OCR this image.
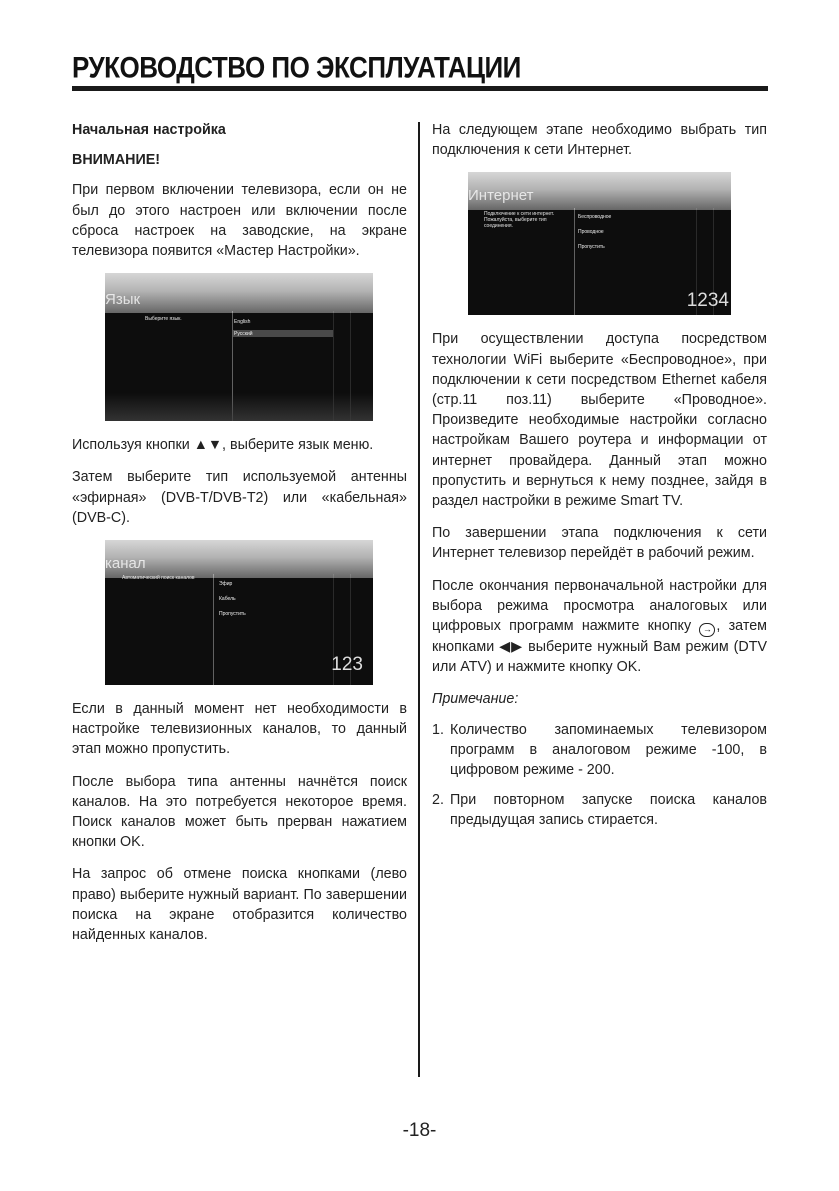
РУКОВОДСТВО ПО ЭКСПЛУАТАЦИИ

Начальная настройка

ВНИМАНИЕ!

При первом включении телевизора, если он не был до этого настроен или включении после сброса настроек на заводские, на экране телевизора появится «Мастер Настройки».

Язык
Выберите язык.	English
Русский

Используя кнопки ▲▼, выберите язык меню.

Затем выберите тип используемой антенны «эфирная» (DVB-T/DVB-T2) или «кабельная» (DVB-C).

канал
Автоматический поиск каналов
Эфир
Кабель
Пропустить
123

Если в данный момент нет необходимости в настройке телевизионных каналов, то данный этап можно пропустить.

После выбора типа антенны начнётся поиск каналов. На это потребуется некоторое время. Поиск каналов может быть прерван нажатием кнопки OK.

На запрос об отмене поиска кнопками (лево право) выберите нужный вариант. По завершении поиска на экране отобразится количество найденных каналов.

На следующем этапе необходимо выбрать тип подключения к сети Интернет.

Интернет
Подключение к сети интернет. Пожалуйста, выберите тип соединения.
Беспроводное
Проводное
Пропустить
1234

При осуществлении доступа посредством технологии WiFi выберите «Беспроводное», при подключении к сети посредством Ethernet кабеля (стр.11 поз.11) выберите «Проводное». Произведите необходимые настройки согласно настройкам Вашего роутера и информации от интернет провайдера. Данный этап можно пропустить и вернуться к нему позднее, зайдя в раздел настройки в режиме Smart TV.

По завершении этапа подключения к сети Интернет телевизор перейдёт в рабочий режим.

После окончания первоначальной настройки для выбора режима просмотра аналоговых или цифровых программ нажмите кнопку → , затем кнопками ◀▶ выберите нужный Вам режим (DTV или ATV) и нажмите кнопку OK.

Примечание:

1. Количество запоминаемых телевизором программ в аналоговом режиме -100, в цифровом режиме - 200.
2. При повторном запуске поиска каналов предыдущая запись стирается.
-18-
